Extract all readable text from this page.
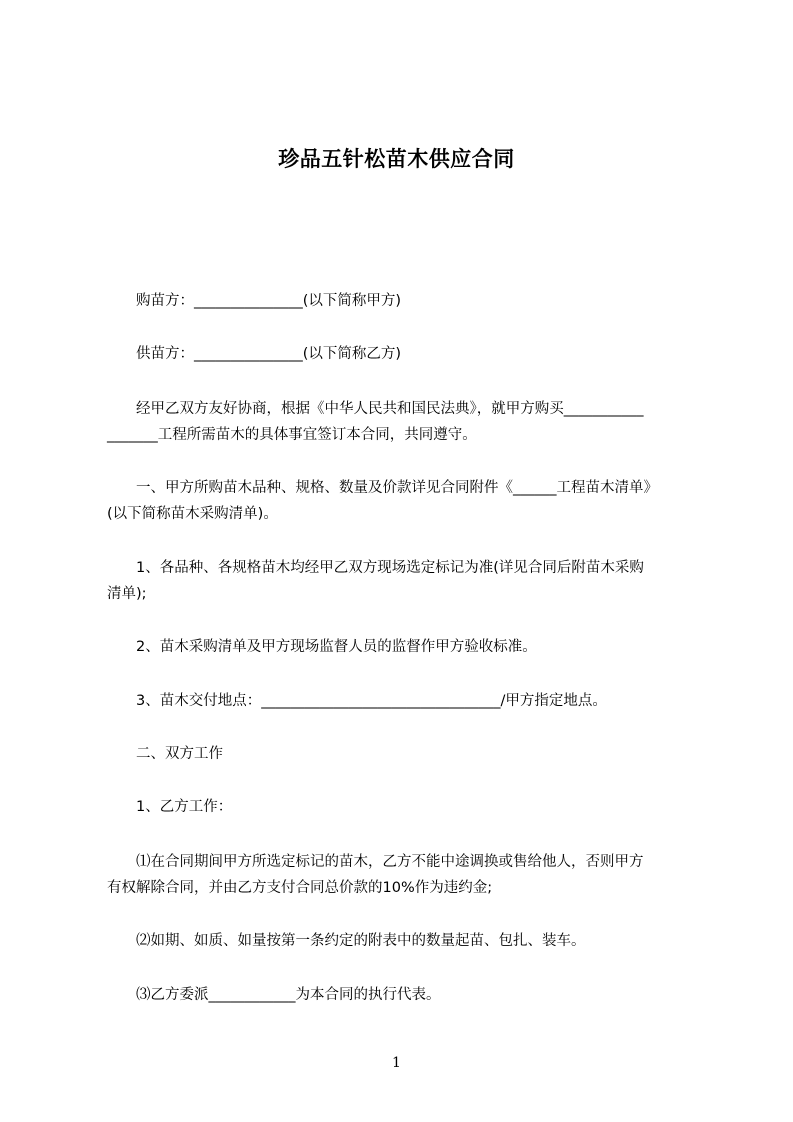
珍品五针松苗木供应合同
　　购苗方：_______________(以下简称甲方)
　　供苗方：_______________(以下简称乙方)
　　经甲乙双方友好协商，根据《中华人民共和国民法典》，就甲方购买___________
_______工程所需苗木的具体事宜签订本合同，共同遵守。
　　一、甲方所购苗木品种、规格、数量及价款详见合同附件《______工程苗木清单》
(以下简称苗木采购清单)。
　　1、各品种、各规格苗木均经甲乙双方现场选定标记为准(详见合同后附苗木采购
清单);
　　2、苗木采购清单及甲方现场监督人员的监督作甲方验收标准。
　　3、苗木交付地点：_________________________________/甲方指定地点。
　　二、双方工作
　　1、乙方工作：
　　⑴在合同期间甲方所选定标记的苗木，乙方不能中途调换或售给他人，否则甲方
有权解除合同，并由乙方支付合同总价款的10%作为违约金;
　　⑵如期、如质、如量按第一条约定的附表中的数量起苗、包扎、装车。
　　⑶乙方委派____________为本合同的执行代表。
1
